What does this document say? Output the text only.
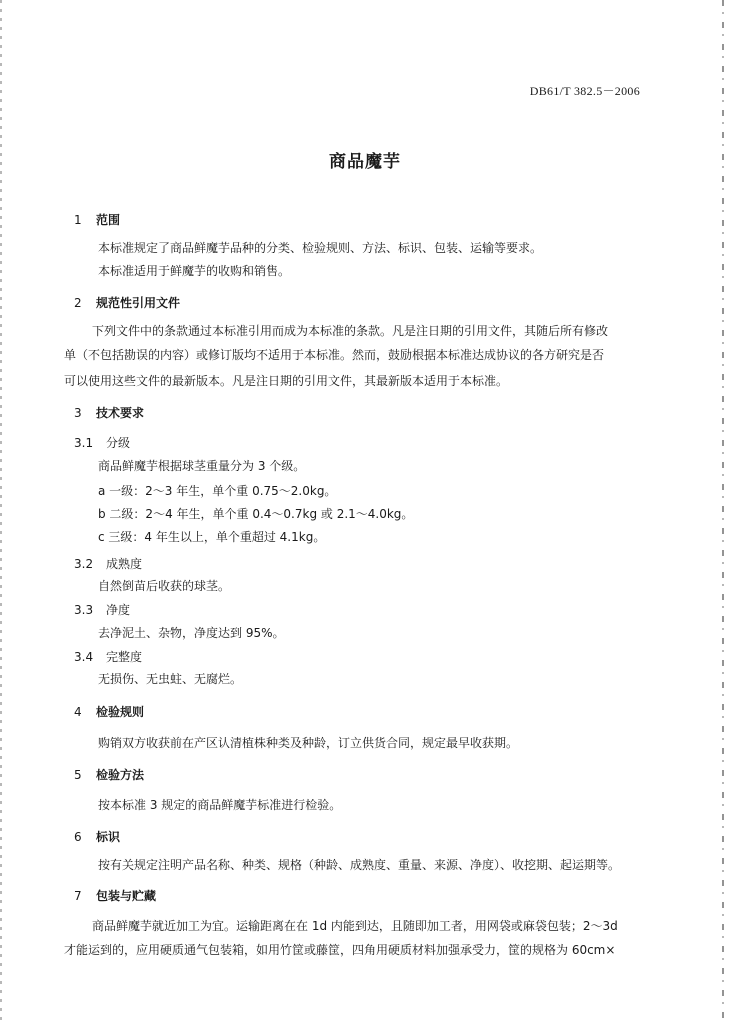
DB61/T 382.5－2006
商品魔芋
1 范围
本标准规定了商品鲜魔芋品种的分类、检验规则、方法、标识、包装、运输等要求。
本标准适用于鲜魔芋的收购和销售。
2 规范性引用文件
下列文件中的条款通过本标准引用而成为本标准的条款。凡是注日期的引用文件，其随后所有修改
单（不包括勘误的内容）或修订版均不适用于本标准。然而，鼓励根据本标准达成协议的各方研究是否
可以使用这些文件的最新版本。凡是注日期的引用文件，其最新版本适用于本标准。
3 技术要求
3.1 分级
商品鲜魔芋根据球茎重量分为 3 个级。
a 一级：2～3 年生，单个重 0.75～2.0kg。
b 二级：2～4 年生，单个重 0.4～0.7kg 或 2.1～4.0kg。
c 三级：4 年生以上，单个重超过 4.1kg。
3.2 成熟度
自然倒苗后收获的球茎。
3.3 净度
去净泥土、杂物，净度达到 95%。
3.4 完整度
无损伤、无虫蛀、无腐烂。
4 检验规则
购销双方收获前在产区认清植株种类及种龄，订立供货合同，规定最早收获期。
5 检验方法
按本标准 3 规定的商品鲜魔芋标准进行检验。
6 标识
按有关规定注明产品名称、种类、规格（种龄、成熟度、重量、来源、净度）、收挖期、起运期等。
7 包装与贮藏
商品鲜魔芋就近加工为宜。运输距离在在 1d 内能到达，且随即加工者，用网袋或麻袋包装；2～3d
才能运到的，应用硬质通气包装箱，如用竹筐或藤筐，四角用硬质材料加强承受力，筐的规格为 60cm×
